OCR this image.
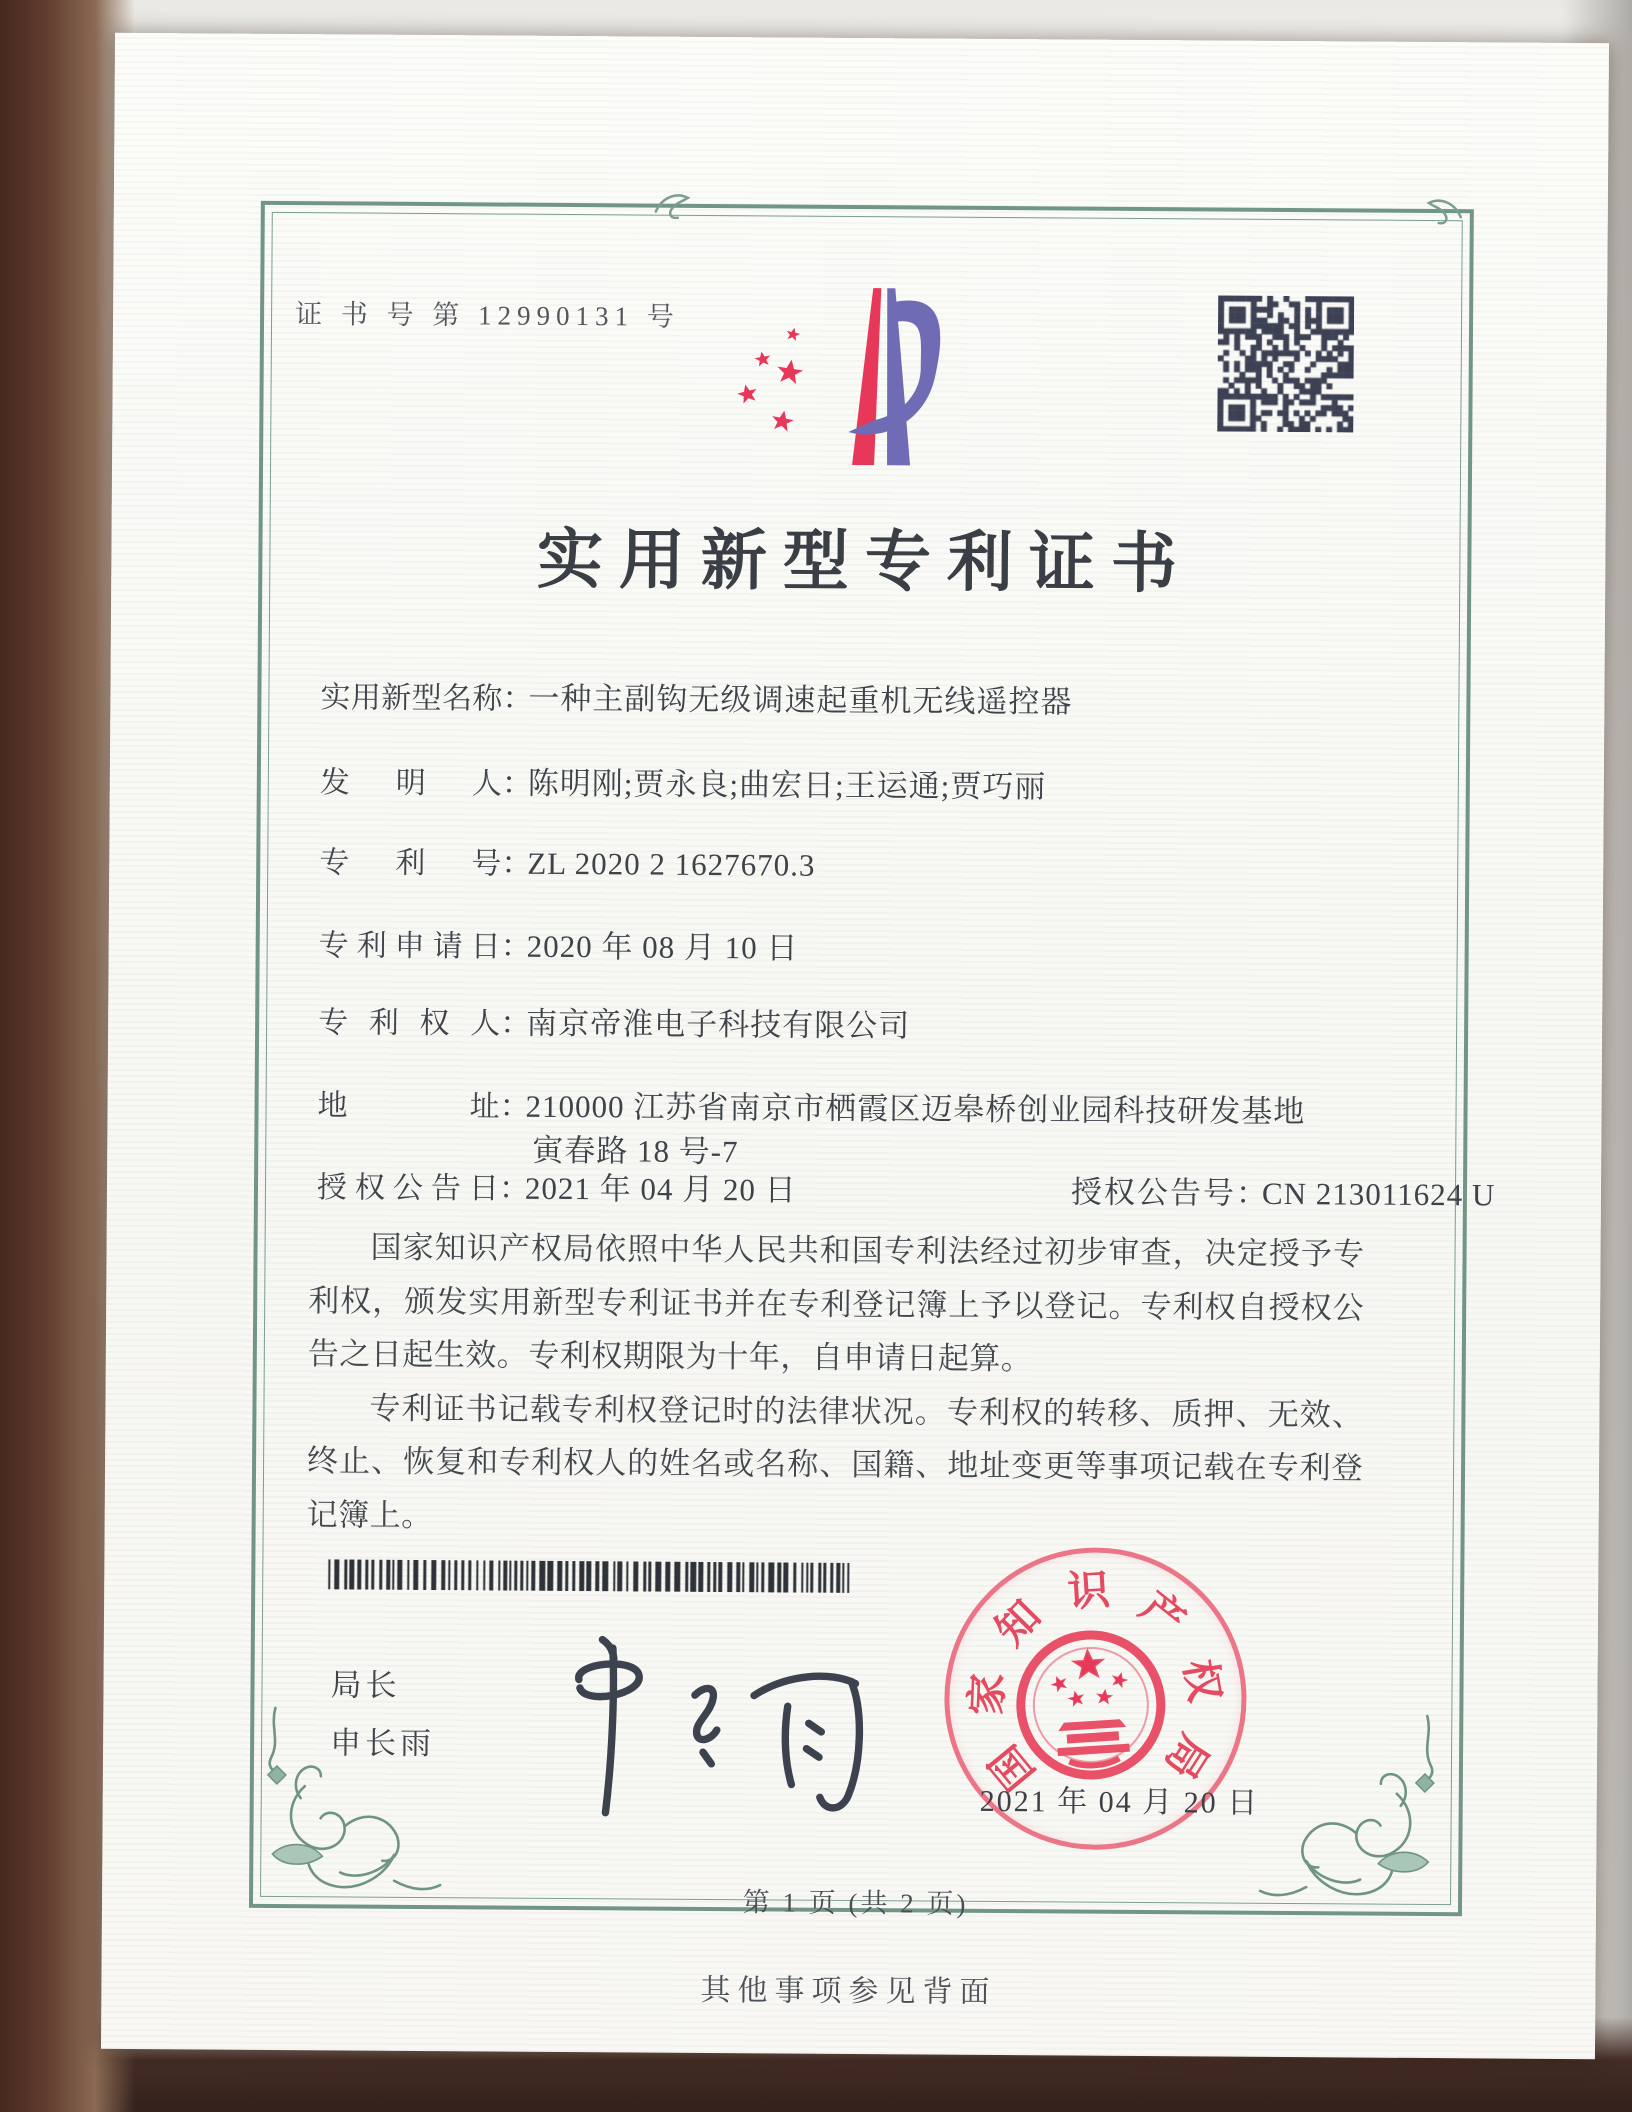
证 书 号 第 12990131 号
实用新型专利证书
实用新型名称：一种主副钩无级调速起重机无线遥控器
发明人：陈明刚;贾永良;曲宏日;王运通;贾巧丽
专利号：ZL 2020 2 1627670.3
专利申请日：2020 年 08 月 10 日
专利权人：南京帝淮电子科技有限公司
地址：210000 江苏省南京市栖霞区迈皋桥创业园科技研发基地
寅春路 18 号-7
授权公告日：2021 年 04 月 20 日	授权公告号：CN 213011624 U

国家知识产权局依照中华人民共和国专利法经过初步审查，决定授予专利权，颁发实用新型专利证书并在专利登记簿上予以登记。专利权自授权公告之日起生效。专利权期限为十年，自申请日起算。

专利证书记载专利权登记时的法律状况。专利权的转移、质押、无效、终止、恢复和专利权人的姓名或名称、国籍、地址变更等事项记载在专利登记簿上。

局长
申长雨	国
家
知
识 产
权
局
2021 年 04 月 20 日
第 1 页 (共 2 页)
其他事项参见背面
